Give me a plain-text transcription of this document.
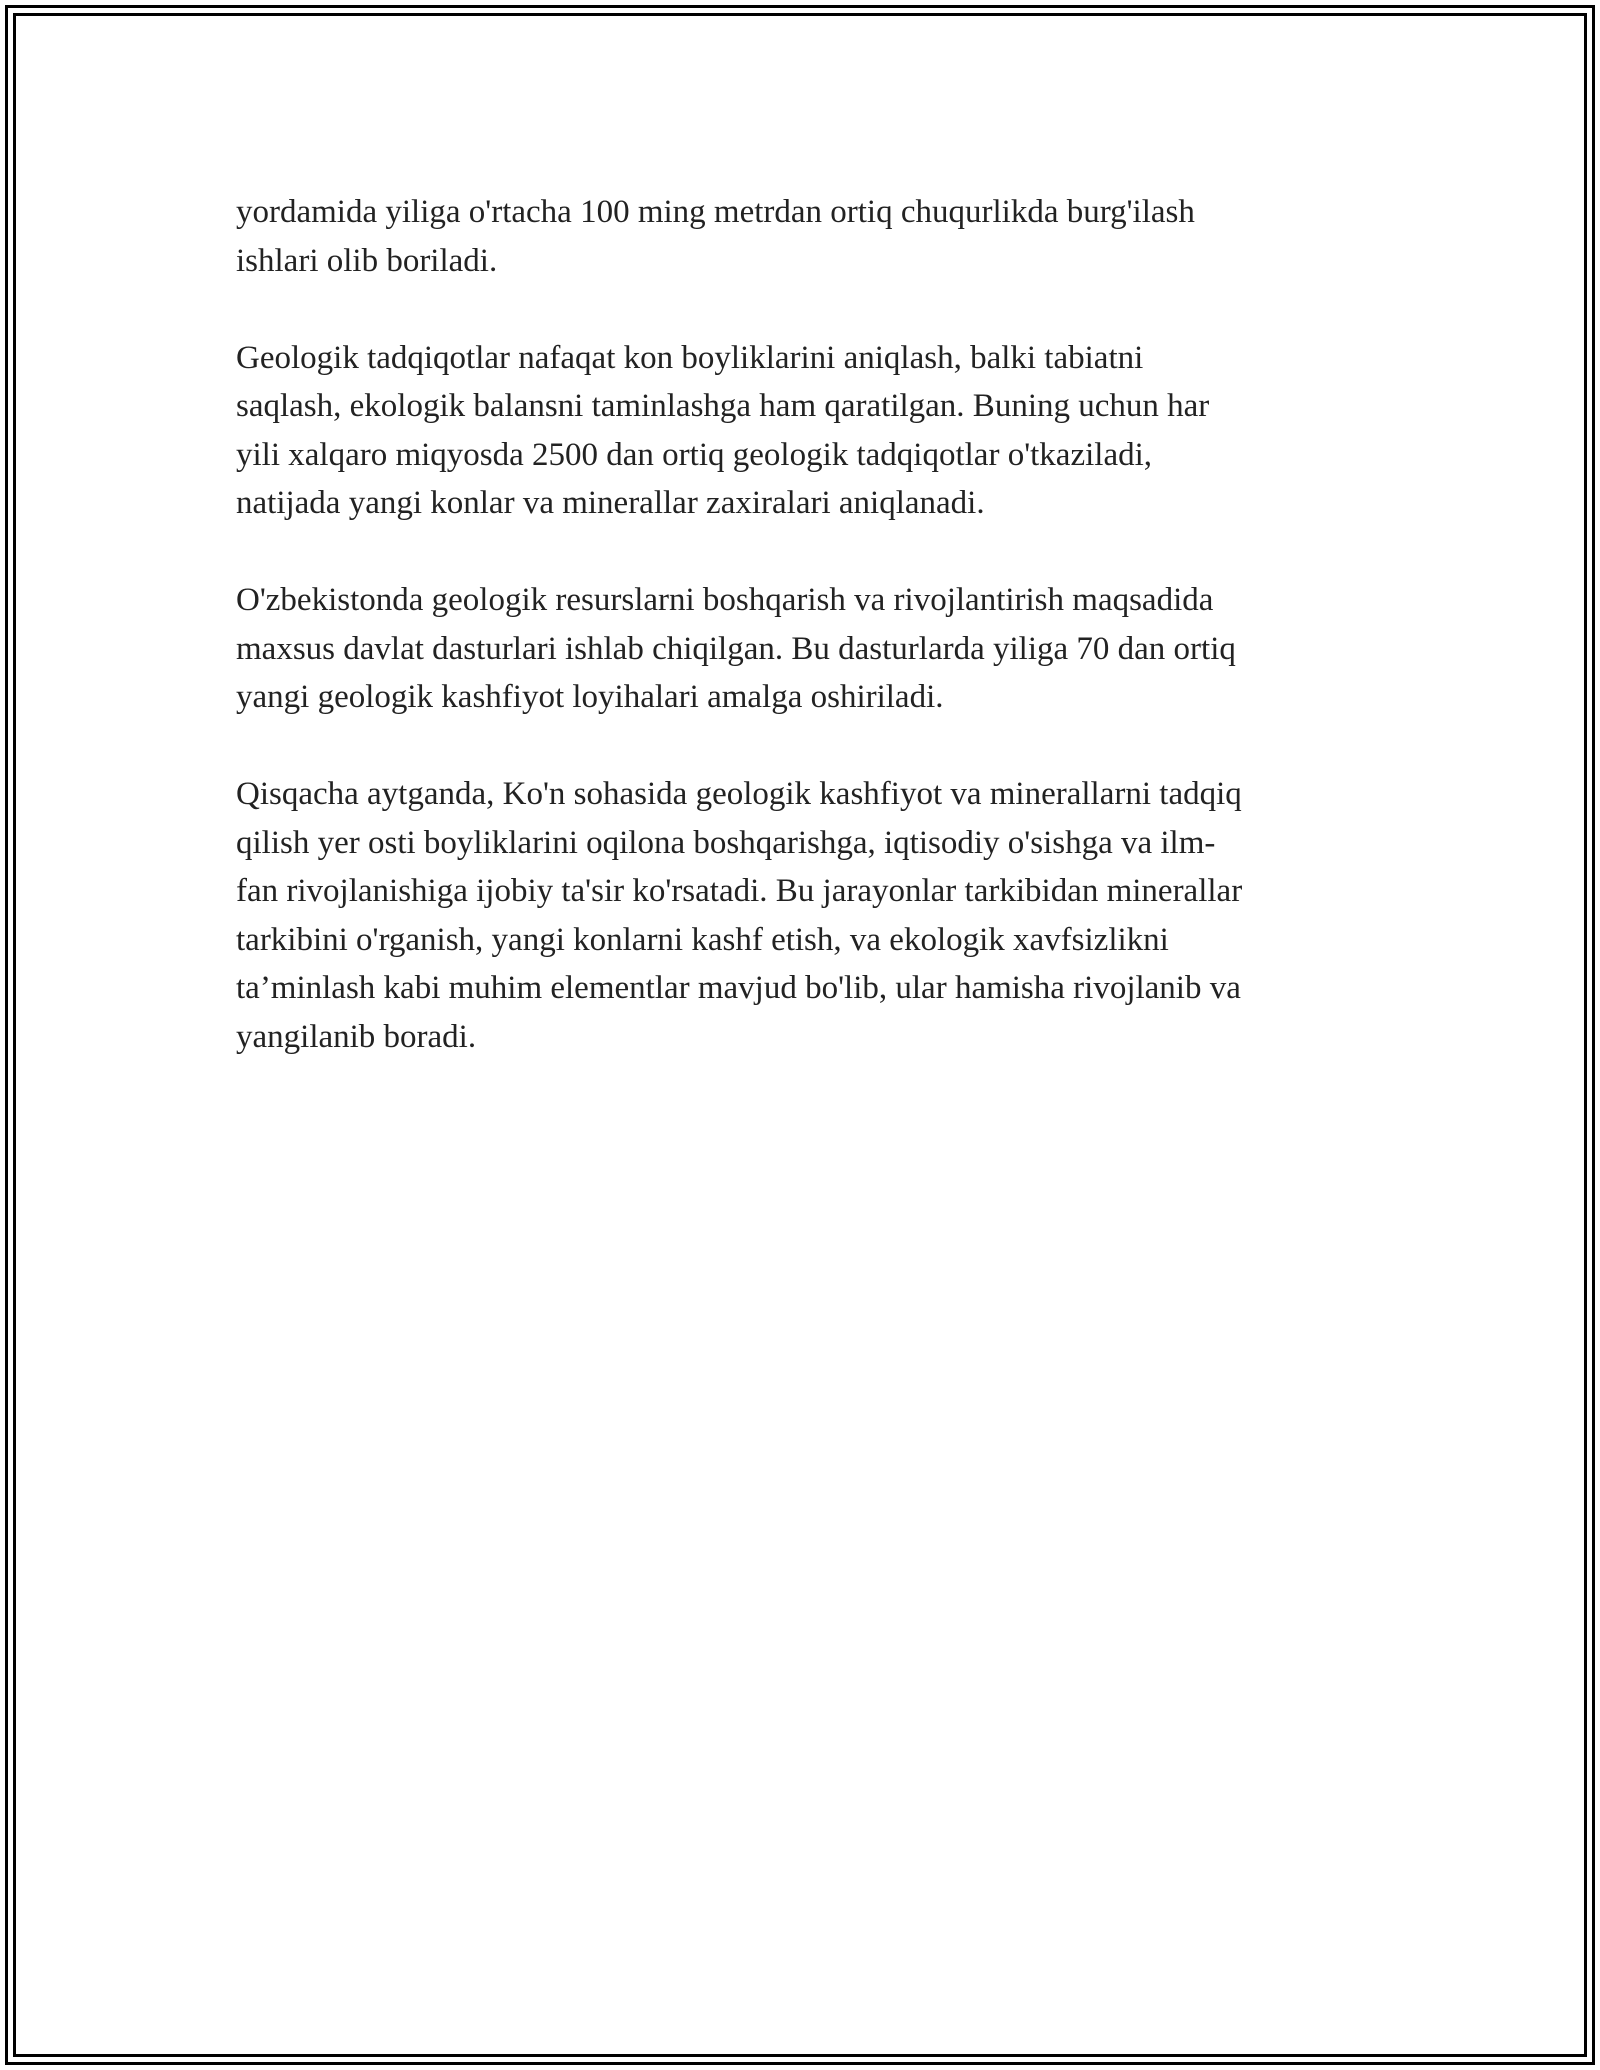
yordamida yiliga o'rtacha 100 ming metrdan ortiq chuqurlikda burg'ilash
ishlari olib boriladi.

Geologik tadqiqotlar nafaqat kon boyliklarini aniqlash, balki tabiatni
saqlash, ekologik balansni taminlashga ham qaratilgan. Buning uchun har
yili xalqaro miqyosda 2500 dan ortiq geologik tadqiqotlar o'tkaziladi,
natijada yangi konlar va minerallar zaxiralari aniqlanadi.

O'zbekistonda geologik resurslarni boshqarish va rivojlantirish maqsadida
maxsus davlat dasturlari ishlab chiqilgan. Bu dasturlarda yiliga 70 dan ortiq
yangi geologik kashfiyot loyihalari amalga oshiriladi.

Qisqacha aytganda, Ko'n sohasida geologik kashfiyot va minerallarni tadqiq
qilish yer osti boyliklarini oqilona boshqarishga, iqtisodiy o'sishga va ilm-
fan rivojlanishiga ijobiy ta'sir ko'rsatadi. Bu jarayonlar tarkibidan minerallar
tarkibini o'rganish, yangi konlarni kashf etish, va ekologik xavfsizlikni
ta’minlash kabi muhim elementlar mavjud bo'lib, ular hamisha rivojlanib va
yangilanib boradi.
